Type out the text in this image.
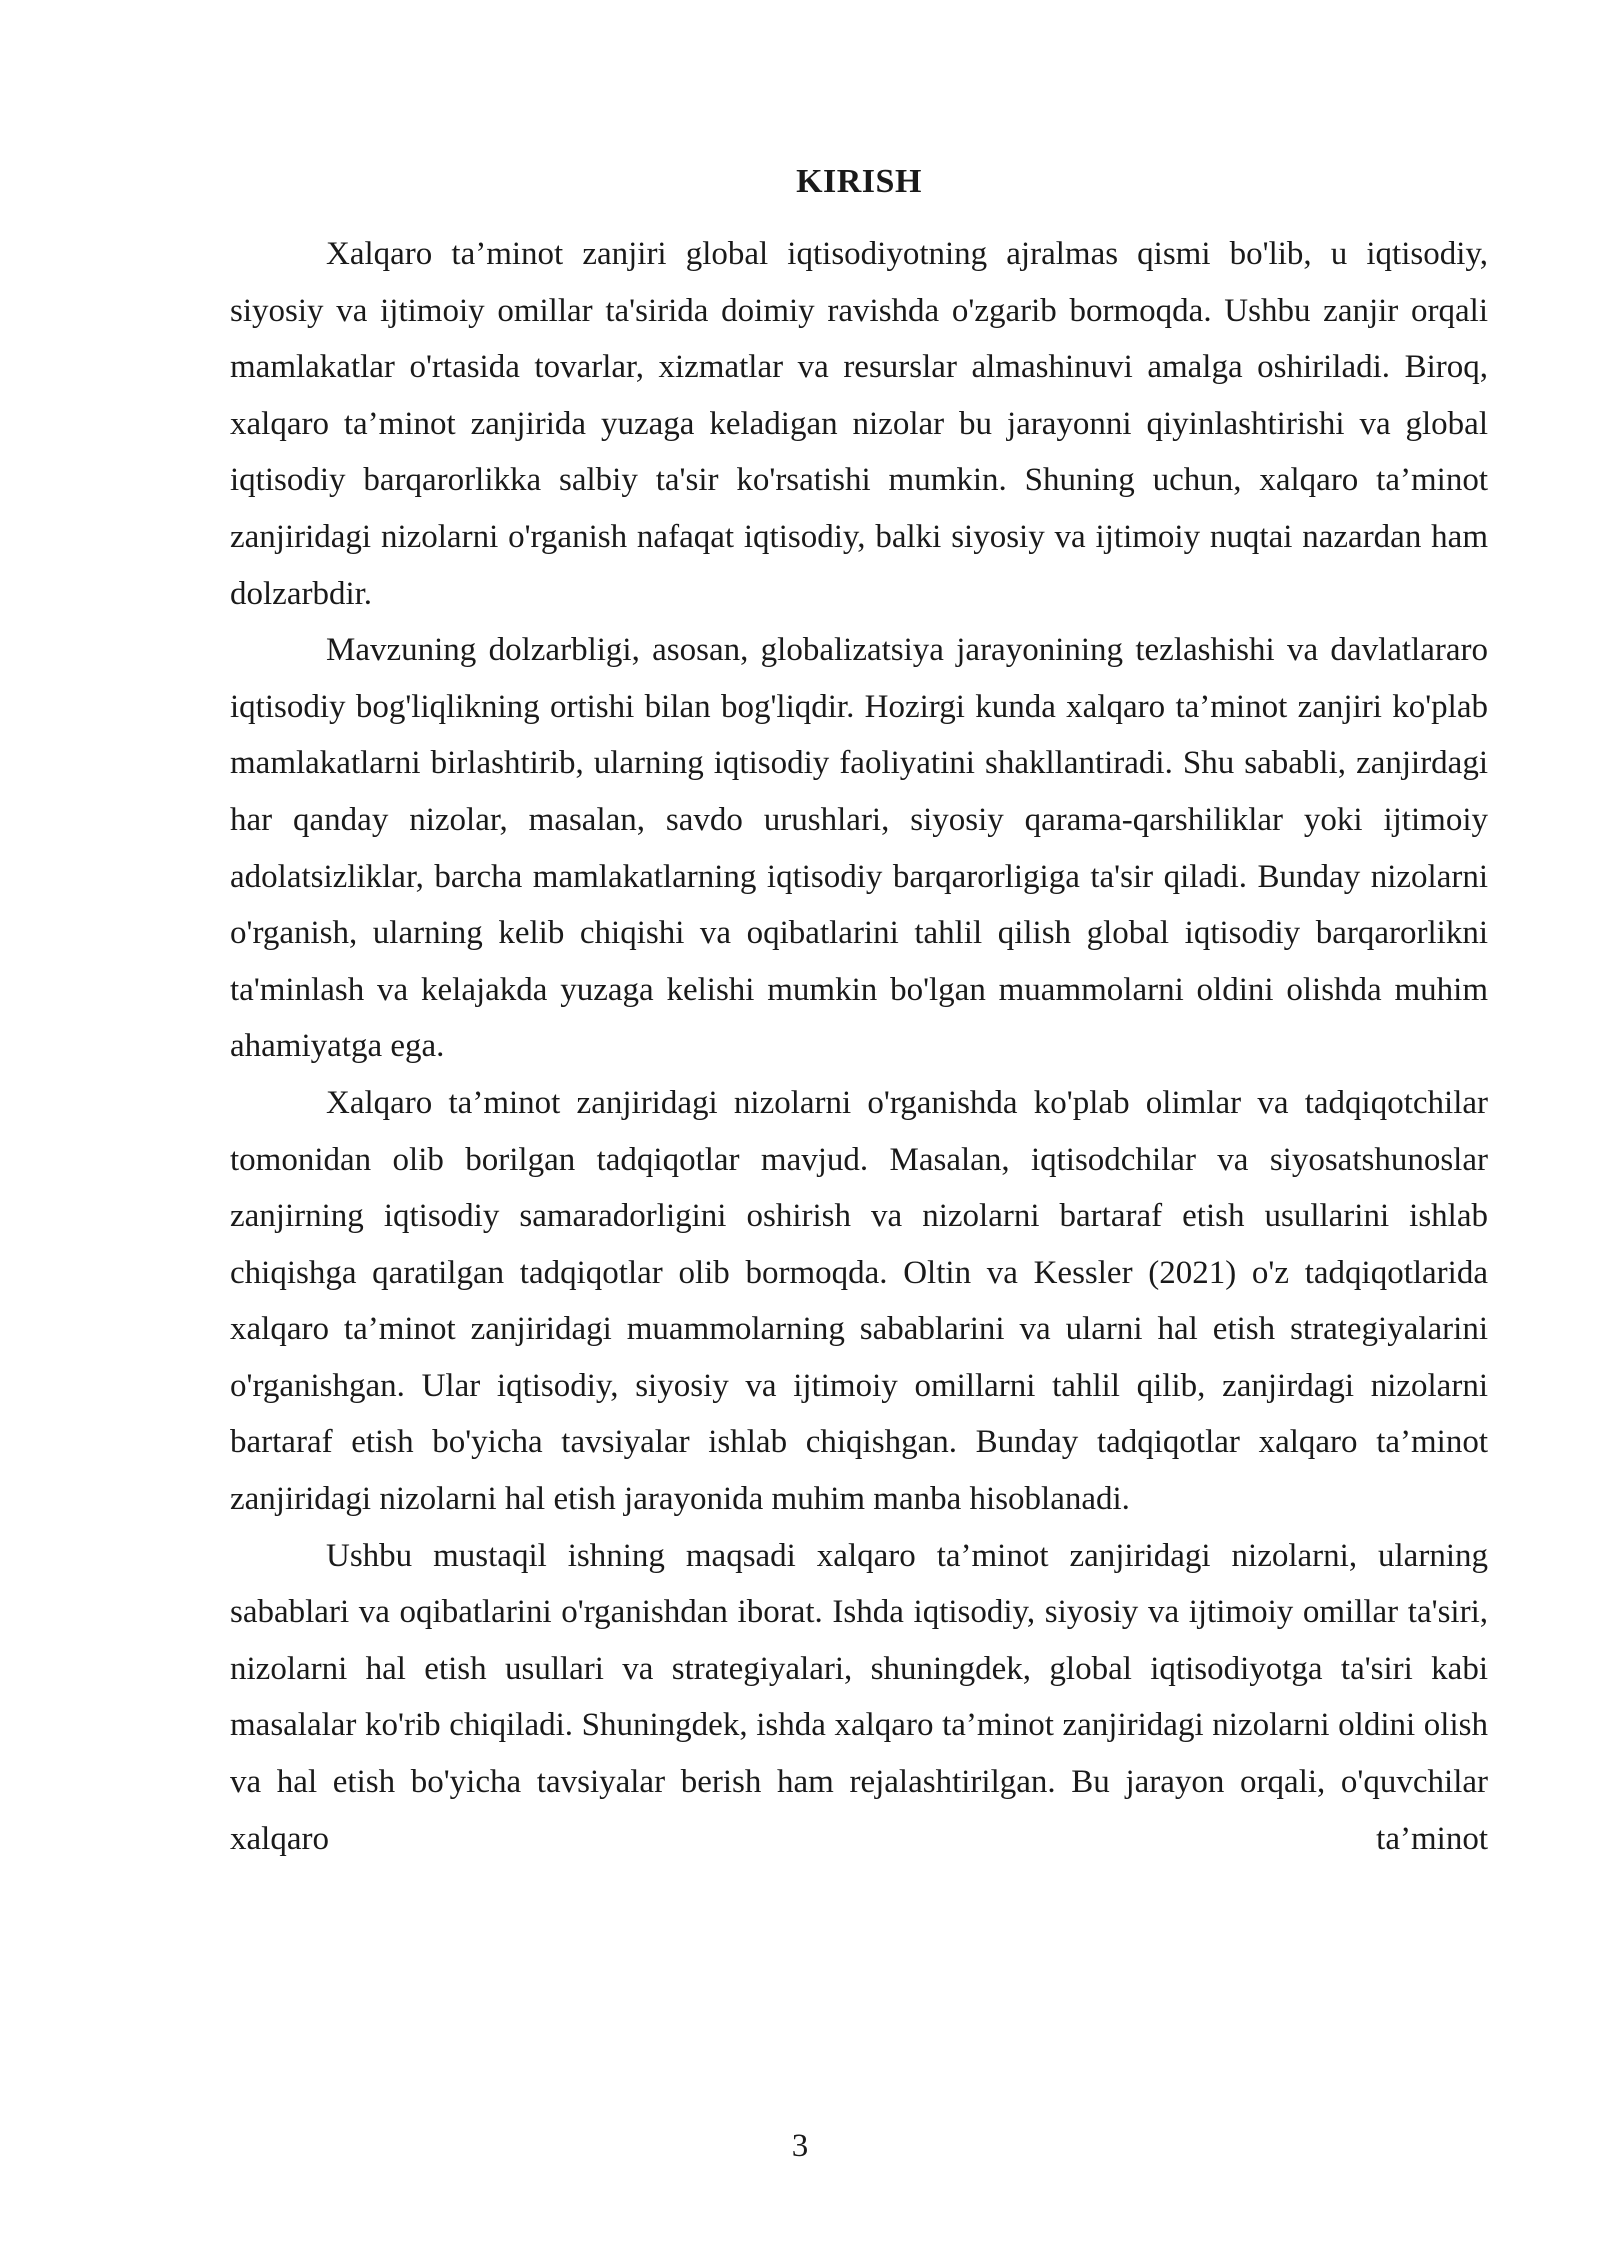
KIRISH

Xalqaro ta’minot zanjiri global iqtisodiyotning ajralmas qismi bo'lib, u iqtisodiy, siyosiy va ijtimoiy omillar ta'sirida doimiy ravishda o'zgarib bormoqda. Ushbu zanjir orqali mamlakatlar o'rtasida tovarlar, xizmatlar va resurslar almashinuvi amalga oshiriladi. Biroq, xalqaro ta’minot zanjirida yuzaga keladigan nizolar bu jarayonni qiyinlashtirishi va global iqtisodiy barqarorlikka salbiy ta'sir ko'rsatishi mumkin. Shuning uchun, xalqaro ta’minot zanjiridagi nizolarni o'rganish nafaqat iqtisodiy, balki siyosiy va ijtimoiy nuqtai nazardan ham dolzarbdir.

Mavzuning dolzarbligi, asosan, globalizatsiya jarayonining tezlashishi va davlatlararo iqtisodiy bog'liqlikning ortishi bilan bog'liqdir. Hozirgi kunda xalqaro ta’minot zanjiri ko'plab mamlakatlarni birlashtirib, ularning iqtisodiy faoliyatini shakllantiradi. Shu sababli, zanjirdagi har qanday nizolar, masalan, savdo urushlari, siyosiy qarama-qarshiliklar yoki ijtimoiy adolatsizliklar, barcha mamlakatlarning iqtisodiy barqarorligiga ta'sir qiladi. Bunday nizolarni o'rganish, ularning kelib chiqishi va oqibatlarini tahlil qilish global iqtisodiy barqarorlikni ta'minlash va kelajakda yuzaga kelishi mumkin bo'lgan muammolarni oldini olishda muhim ahamiyatga ega.

Xalqaro ta’minot zanjiridagi nizolarni o'rganishda ko'plab olimlar va tadqiqotchilar tomonidan olib borilgan tadqiqotlar mavjud. Masalan, iqtisodchilar va siyosatshunoslar zanjirning iqtisodiy samaradorligini oshirish va nizolarni bartaraf etish usullarini ishlab chiqishga qaratilgan tadqiqotlar olib bormoqda. Oltin va Kessler (2021) o'z tadqiqotlarida xalqaro ta’minot zanjiridagi muammolarning sabablarini va ularni hal etish strategiyalarini o'rganishgan. Ular iqtisodiy, siyosiy va ijtimoiy omillarni tahlil qilib, zanjirdagi nizolarni bartaraf etish bo'yicha tavsiyalar ishlab chiqishgan. Bunday tadqiqotlar xalqaro ta’minot zanjiridagi nizolarni hal etish jarayonida muhim manba hisoblanadi.

Ushbu mustaqil ishning maqsadi xalqaro ta’minot zanjiridagi nizolarni, ularning sabablari va oqibatlarini o'rganishdan iborat. Ishda iqtisodiy, siyosiy va ijtimoiy omillar ta'siri, nizolarni hal etish usullari va strategiyalari, shuningdek, global iqtisodiyotga ta'siri kabi masalalar ko'rib chiqiladi. Shuningdek, ishda xalqaro ta’minot zanjiridagi nizolarni oldini olish va hal etish bo'yicha tavsiyalar berish ham rejalashtirilgan. Bu jarayon orqali, o'quvchilar xalqaro ta’minot

3
